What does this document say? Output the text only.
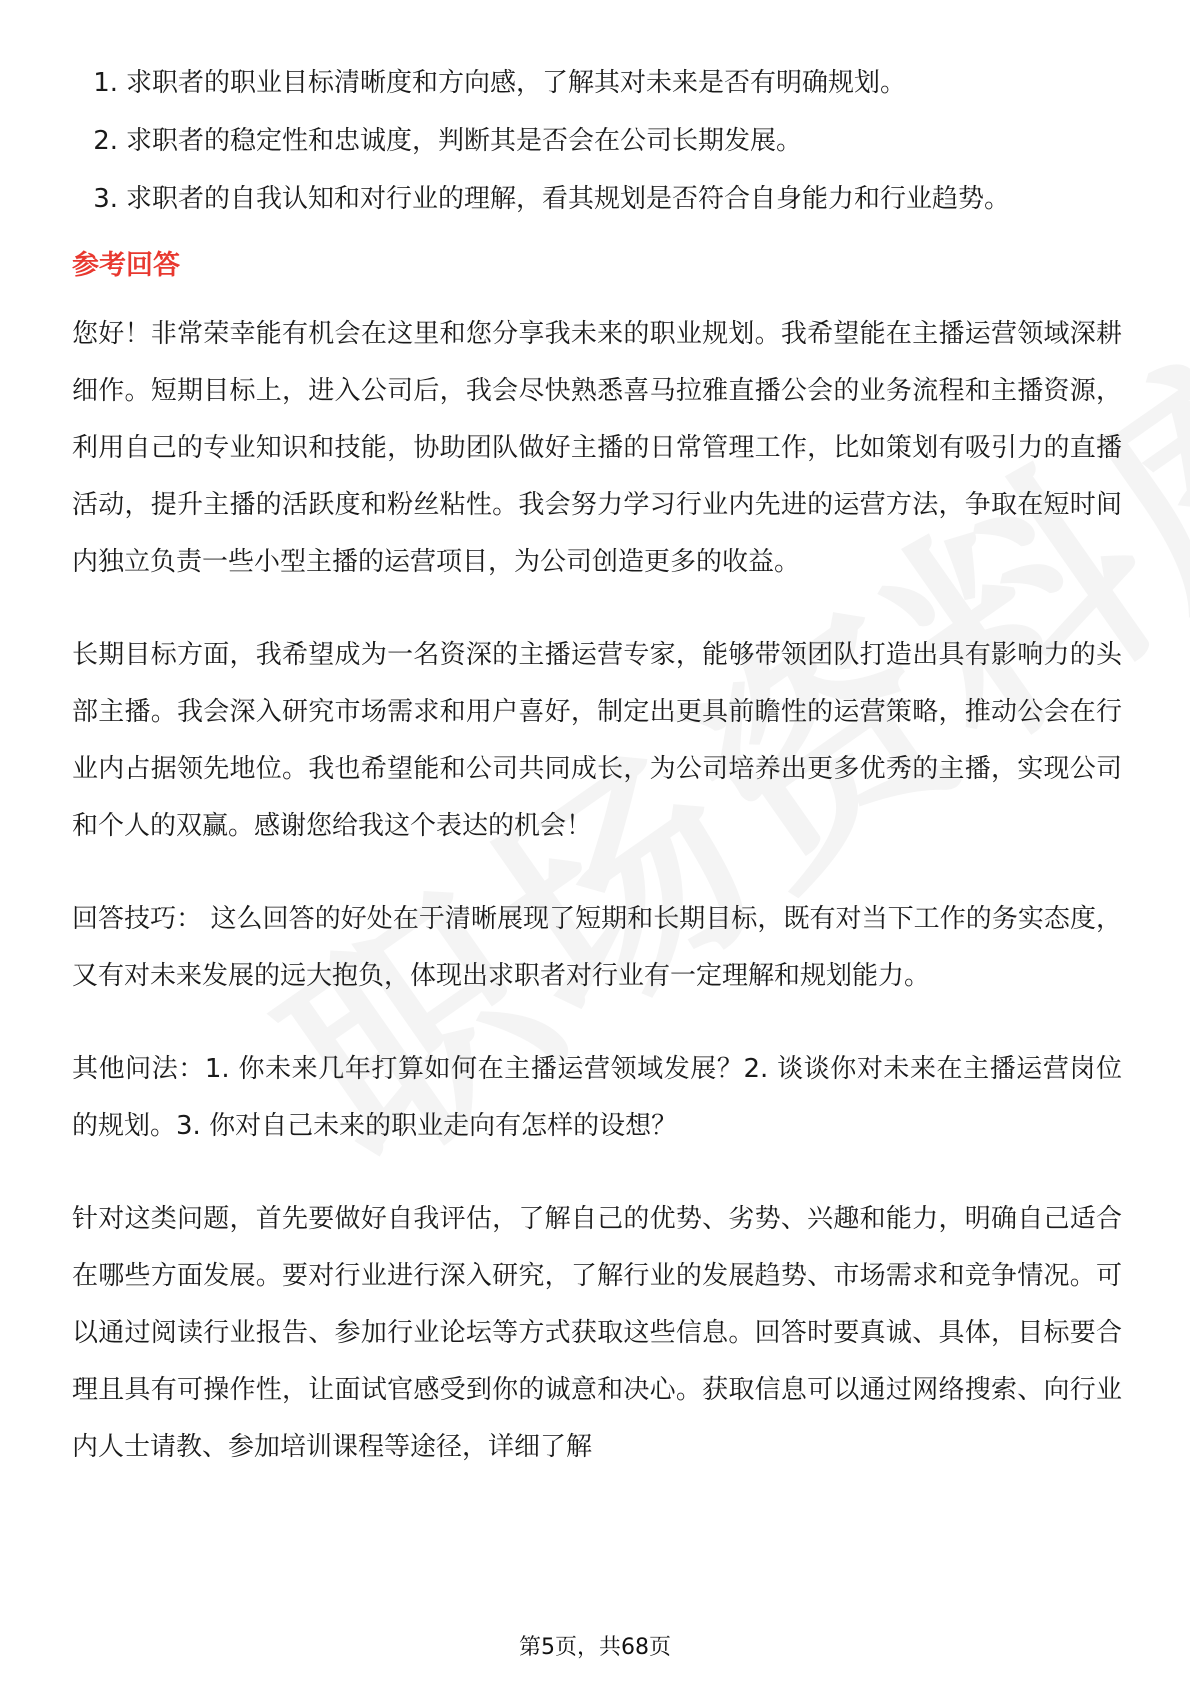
1. 求职者的职业目标清晰度和方向感，了解其对未来是否有明确规划。
2. 求职者的稳定性和忠诚度，判断其是否会在公司长期发展。
3. 求职者的自我认知和对行业的理解，看其规划是否符合自身能力和行业趋势。
参考回答

您好！非常荣幸能有机会在这里和您分享我未来的职业规划。我希望能在主播运营领域深耕细作。短期目标上，进入公司后，我会尽快熟悉喜马拉雅直播公会的业务流程和主播资源，利用自己的专业知识和技能，协助团队做好主播的日常管理工作，比如策划有吸引力的直播活动，提升主播的活跃度和粉丝粘性。我会努力学习行业内先进的运营方法，争取在短时间内独立负责一些小型主播的运营项目，为公司创造更多的收益。

长期目标方面，我希望成为一名资深的主播运营专家，能够带领团队打造出具有影响力的头部主播。我会深入研究市场需求和用户喜好，制定出更具前瞻性的运营策略，推动公会在行业内占据领先地位。我也希望能和公司共同成长，为公司培养出更多优秀的主播，实现公司和个人的双赢。感谢您给我这个表达的机会！

回答技巧： 这么回答的好处在于清晰展现了短期和长期目标，既有对当下工作的务实态度，又有对未来发展的远大抱负，体现出求职者对行业有一定理解和规划能力。

其他问法：1. 你未来几年打算如何在主播运营领域发展？2. 谈谈你对未来在主播运营岗位的规划。3. 你对自己未来的职业走向有怎样的设想？

针对这类问题，首先要做好自我评估，了解自己的优势、劣势、兴趣和能力，明确自己适合在哪些方面发展。要对行业进行深入研究，了解行业的发展趋势、市场需求和竞争情况。可以通过阅读行业报告、参加行业论坛等方式获取这些信息。回答时要真诚、具体，目标要合理且具有可操作性，让面试官感受到你的诚意和决心。获取信息可以通过网络搜索、向行业内人士请教、参加培训课程等途径，详细了解

第5页，共68页
